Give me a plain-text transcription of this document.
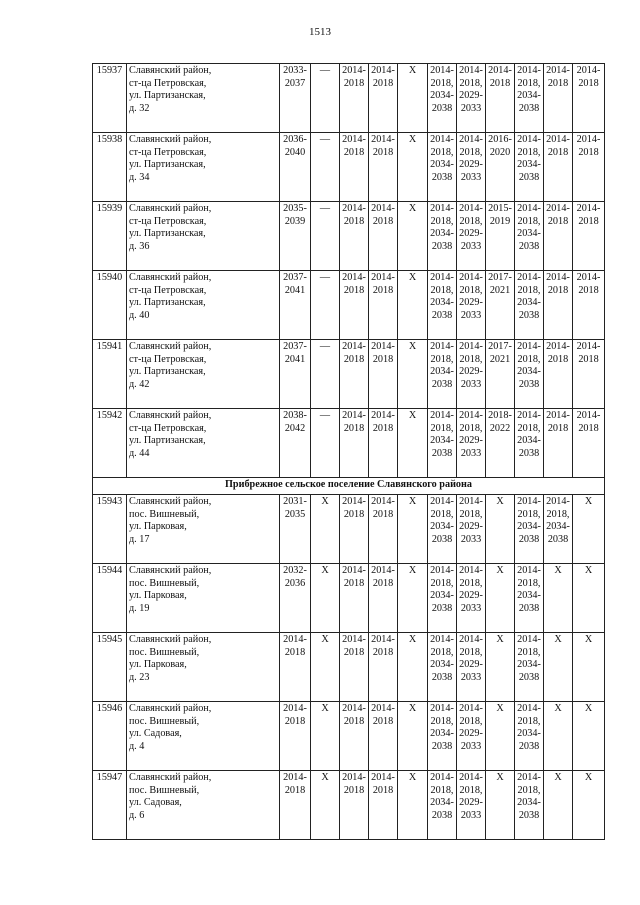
1513
15937	Славянский район,
ст-ца Петровская,
ул. Партизанская,
д. 32	2033-
2037	—	2014-
2018	2014-
2018	X	2014-
2018,
2034-
2038	2014-
2018,
2029-
2033	2014-
2018	2014-
2018,
2034-
2038	2014-
2018	2014-
2018
15938	Славянский район,
ст-ца Петровская,
ул. Партизанская,
д. 34	2036-
2040	—	2014-
2018	2014-
2018	X	2014-
2018,
2034-
2038	2014-
2018,
2029-
2033	2016-
2020	2014-
2018,
2034-
2038	2014-
2018	2014-
2018
15939	Славянский район,
ст-ца Петровская,
ул. Партизанская,
д. 36	2035-
2039	—	2014-
2018	2014-
2018	X	2014-
2018,
2034-
2038	2014-
2018,
2029-
2033	2015-
2019	2014-
2018,
2034-
2038	2014-
2018	2014-
2018
15940	Славянский район,
ст-ца Петровская,
ул. Партизанская,
д. 40	2037-
2041	—	2014-
2018	2014-
2018	X	2014-
2018,
2034-
2038	2014-
2018,
2029-
2033	2017-
2021	2014-
2018,
2034-
2038	2014-
2018	2014-
2018
15941	Славянский район,
ст-ца Петровская,
ул. Партизанская,
д. 42	2037-
2041	—	2014-
2018	2014-
2018	X	2014-
2018,
2034-
2038	2014-
2018,
2029-
2033	2017-
2021	2014-
2018,
2034-
2038	2014-
2018	2014-
2018
15942	Славянский район,
ст-ца Петровская,
ул. Партизанская,
д. 44	2038-
2042	—	2014-
2018	2014-
2018	X	2014-
2018,
2034-
2038	2014-
2018,
2029-
2033	2018-
2022	2014-
2018,
2034-
2038	2014-
2018	2014-
2018
Прибрежное сельское поселение Славянского района												
15943	Славянский район,
пос. Вишневый,
ул. Парковая,
д. 17	2031-
2035	X	2014-
2018	2014-
2018	X	2014-
2018,
2034-
2038	2014-
2018,
2029-
2033	X	2014-
2018,
2034-
2038	2014-
2018,
2034-
2038	X
15944	Славянский район,
пос. Вишневый,
ул. Парковая,
д. 19	2032-
2036	X	2014-
2018	2014-
2018	X	2014-
2018,
2034-
2038	2014-
2018,
2029-
2033	X	2014-
2018,
2034-
2038	X	X
15945	Славянский район,
пос. Вишневый,
ул. Парковая,
д. 23	2014-
2018	X	2014-
2018	2014-
2018	X	2014-
2018,
2034-
2038	2014-
2018,
2029-
2033	X	2014-
2018,
2034-
2038	X	X
15946	Славянский район,
пос. Вишневый,
ул. Садовая,
д. 4	2014-
2018	X	2014-
2018	2014-
2018	X	2014-
2018,
2034-
2038	2014-
2018,
2029-
2033	X	2014-
2018,
2034-
2038	X	X
15947	Славянский район,
пос. Вишневый,
ул. Садовая,
д. 6	2014-
2018	X	2014-
2018	2014-
2018	X	2014-
2018,
2034-
2038	2014-
2018,
2029-
2033	X	2014-
2018,
2034-
2038	X	X
